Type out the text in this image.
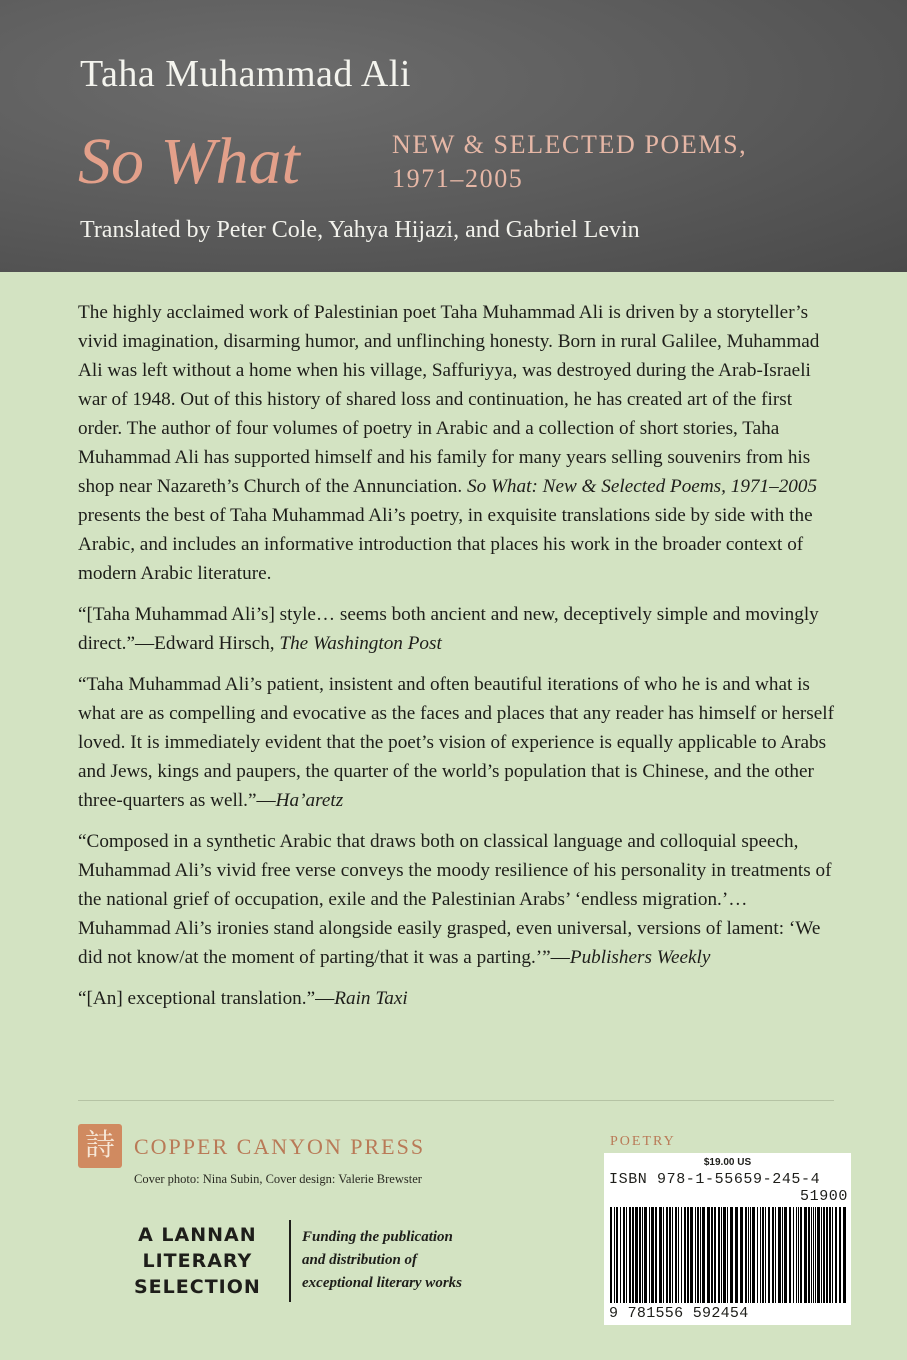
Taha Muhammad Ali
So What	NEW & SELECTED POEMS,
1971–2005
Translated by Peter Cole, Yahya Hijazi, and Gabriel Levin

The highly acclaimed work of Palestinian poet Taha Muhammad Ali is driven by a storyteller’s vivid imagination, disarming humor, and unflinching honesty. Born in rural Galilee, Muhammad Ali was left without a home when his village, Saffuriyya, was destroyed during the Arab-Israeli war of 1948. Out of this history of shared loss and continuation, he has created art of the first order. The author of four volumes of poetry in Arabic and a collection of short stories, Taha Muhammad Ali has supported himself and his family for many years selling souvenirs from his shop near Nazareth’s Church of the Annunciation. So What: New & Selected Poems, 1971–2005 presents the best of Taha Muhammad Ali’s poetry, in exquisite translations side by side with the Arabic, and includes an informative introduction that places his work in the broader context of modern Arabic literature.

“[Taha Muhammad Ali’s] style… seems both ancient and new, deceptively simple and movingly direct.”—Edward Hirsch, The Washington Post

“Taha Muhammad Ali’s patient, insistent and often beautiful iterations of who he is and what is what are as compelling and evocative as the faces and places that any reader has himself or herself loved. It is immediately evident that the poet’s vision of experience is equally applicable to Arabs and Jews, kings and paupers, the quarter of the world’s population that is Chinese, and the other three-quarters as well.”—Ha’aretz

“Composed in a synthetic Arabic that draws both on classical language and colloquial speech, Muhammad Ali’s vivid free verse conveys the moody resilience of his personality in treatments of the national grief of occupation, exile and the Palestinian Arabs’ ‘endless migration.’… Muhammad Ali’s ironies stand alongside easily grasped, even universal, versions of lament: ‘We did not know/at the moment of parting/that it was a parting.’”—Publishers Weekly

“[An] exceptional translation.”—Rain Taxi

詩 COPPER CANYON PRESS
Cover photo: Nina Subin, Cover design: Valerie Brewster
A LANNAN
LITERARY
SELECTION
Funding the publication
and distribution of
exceptional literary works
POETRY
$19.00 US
ISBN 978-1-55659-245-4
51900
9 781556 592454
